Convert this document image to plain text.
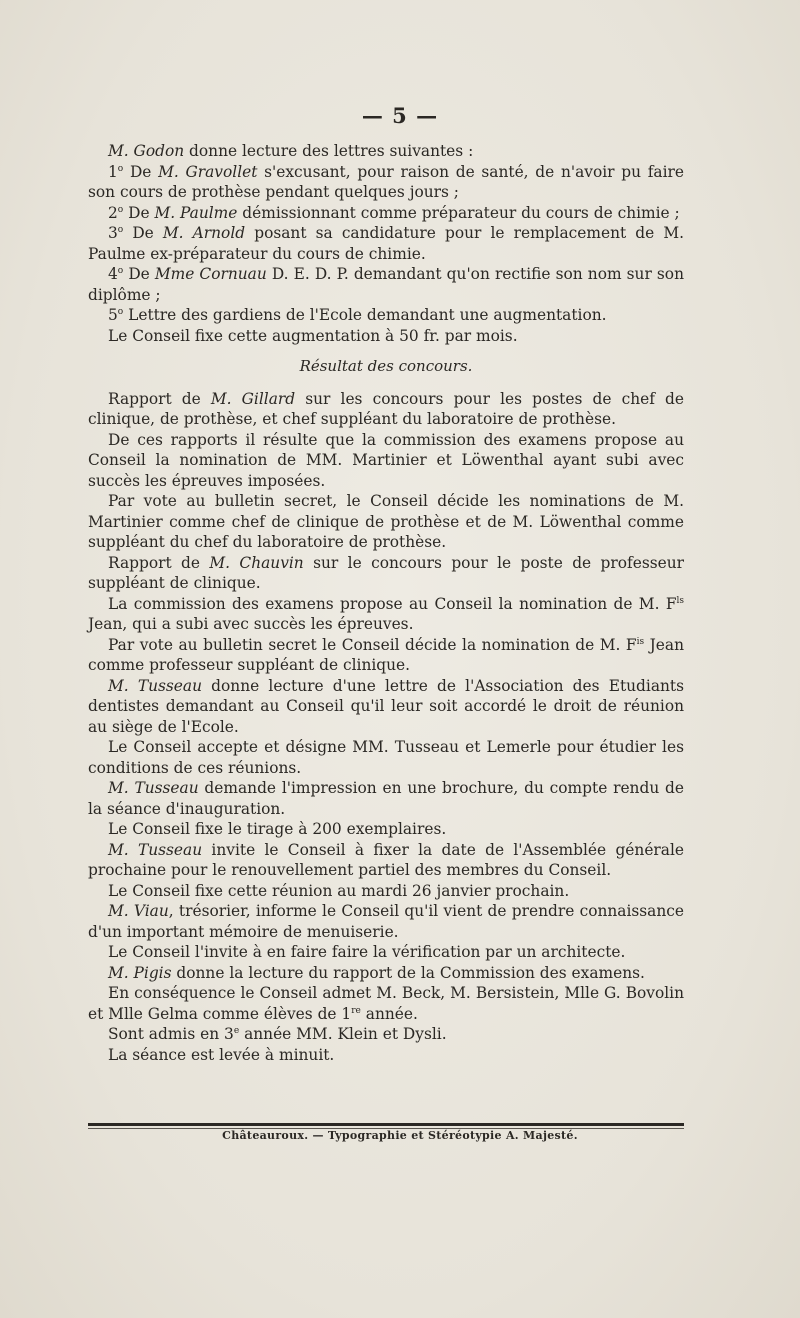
— 5 —

M. Godon donne lecture des lettres suivantes :

1$^o$ De M. Gravollet s'excusant, pour raison de santé, de n'avoir pu faire son cours de prothèse pendant quelques jours ;

2$^o$ De M. Paulme démissionnant comme préparateur du cours de chimie ;

3$^o$ De M. Arnold posant sa candidature pour le remplacement de M. Paulme ex-préparateur du cours de chimie.

4$^o$ De Mme Cornuau D. E. D. P. demandant qu'on rectifie son nom sur son diplôme ;

5$^o$ Lettre des gardiens de l'Ecole demandant une augmentation.

Le Conseil fixe cette augmentation à 50 fr. par mois.

Résultat des concours.

Rapport de M. Gillard sur les concours pour les postes de chef de clinique, de prothèse, et chef suppléant du laboratoire de prothèse.

De ces rapports il résulte que la commission des examens propose au Conseil la nomination de MM. Martinier et Löwenthal ayant subi avec succès les épreuves imposées.

Par vote au bulletin secret, le Conseil décide les nominations de M. Martinier comme chef de clinique de prothèse et de M. Löwenthal comme suppléant du chef du laboratoire de prothèse.

Rapport de M. Chauvin sur le concours pour le poste de professeur suppléant de clinique.

La commission des examens propose au Conseil la nomination de M. $F^{ls}$ Jean, qui a subi avec succès les épreuves.

Par vote au bulletin secret le Conseil décide la nomination de M. $F^{is}$ Jean comme professeur suppléant de clinique.

M. Tusseau donne lecture d'une lettre de l'Association des Etudiants dentistes demandant au Conseil qu'il leur soit accordé le droit de réunion au siège de l'Ecole.

Le Conseil accepte et désigne MM. Tusseau et Lemerle pour étudier les conditions de ces réunions.

M. Tusseau demande l'impression en une brochure, du compte rendu de la séance d'inauguration.

Le Conseil fixe le tirage à 200 exemplaires.

M. Tusseau invite le Conseil à fixer la date de l'Assemblée générale prochaine pour le renouvellement partiel des membres du Conseil.

Le Conseil fixe cette réunion au mardi 26 janvier prochain.

M. Viau, trésorier, informe le Conseil qu'il vient de prendre connaissance d'un important mémoire de menuiserie.

Le Conseil l'invite à en faire faire la vérification par un architecte.

M. Pigis donne la lecture du rapport de la Commission des examens.

En conséquence le Conseil admet M. Beck, M. Bersistein, Mlle G. Bovolin et Mlle Gelma comme élèves de 1re année.

Sont admis en 3e année MM. Klein et Dysli.

La séance est levée à minuit.

Châteauroux. — Typographie et Stéréotypie A. Majesté.
